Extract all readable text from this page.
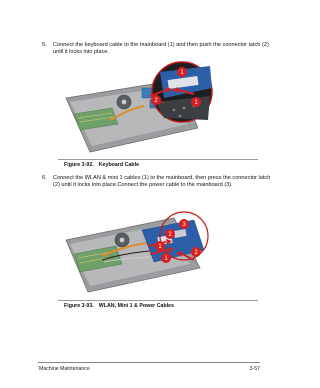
5. Connect the keyboard cable to the mainboard (1) and then push the connector latch (2)
until it locks into place.
1
2	1
Figure 3-92. Keyboard Cable
6. Connect the WLAN & mini 1 cables (1) to the mainboard, then press the connector latch
(2) until it locks into place.Connect the power cable to the mainboard (3).
3
2
1
1
2
Figure 3-93. WLAN, Mini 1 & Power Cables
Machine Maintenance	3-57
